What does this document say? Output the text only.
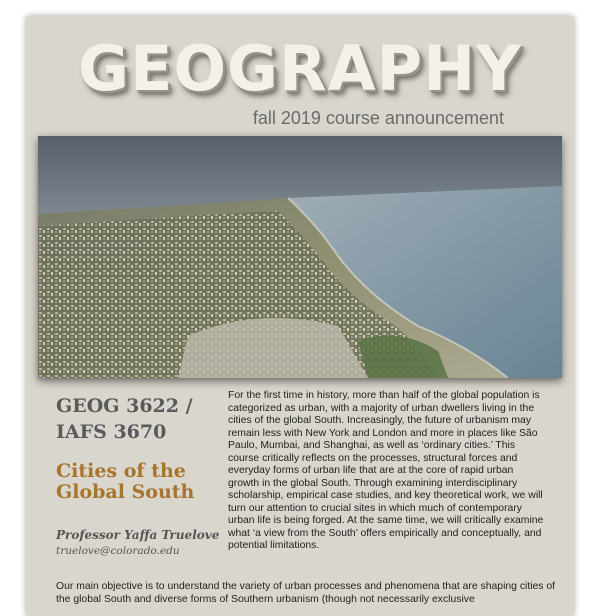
GEOGRAPHY
fall 2019 course announcement
GEOG 3622 /
IAFS 3670
Cities of the
Global South
Professor Yaffa Truelove
truelove@colorado.edu
For the first time in history, more than half of the global population is categorized as urban, with a majority of urban dwellers living in the cities of the global South. Increasingly, the future of urbanism may remain less with New York and London and more in places like São Paulo, Mumbai, and Shanghai, as well as ‘ordinary cities.’ This course critically reflects on the processes, structural forces and everyday forms of urban life that are at the core of rapid urban growth in the global South. Through examining interdisciplinary scholarship, empirical case studies, and key theoretical work, we will turn our attention to crucial sites in which much of contemporary urban life is being forged. At the same time, we will critically examine what ‘a view from the South’ offers empirically and conceptually, and potential limitations.
Our main objective is to understand the variety of urban processes and phenomena that are shaping cities of the global South and diverse forms of Southern urbanism (though not necessarily exclusive
